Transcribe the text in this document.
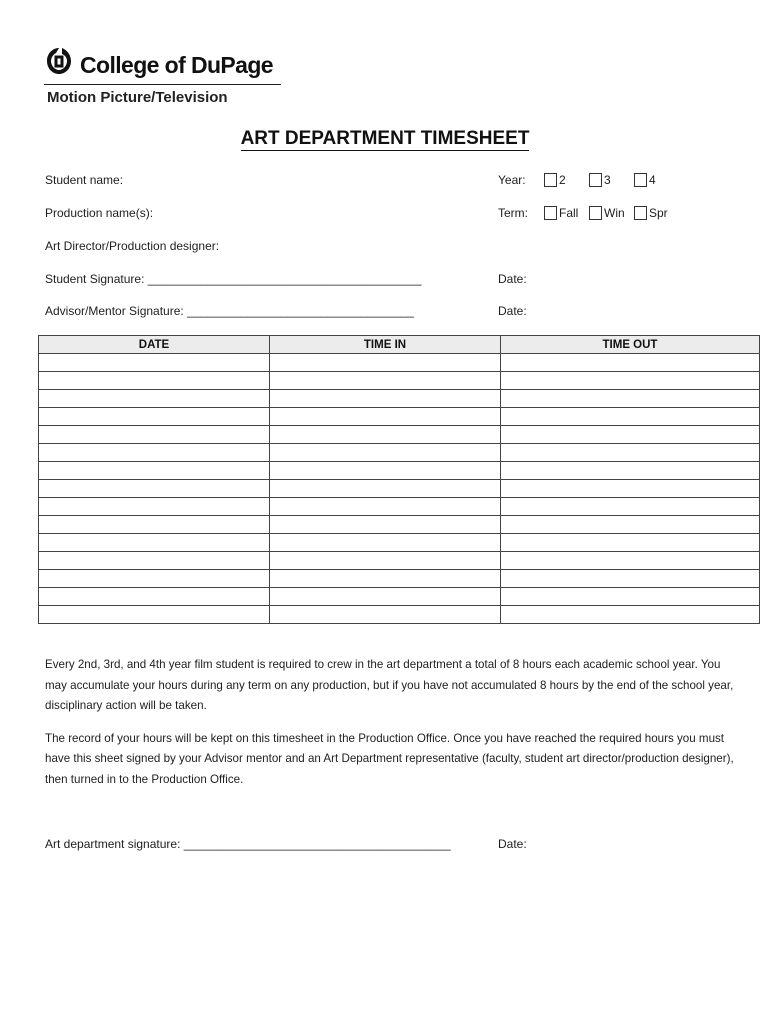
College of DuPage
Motion Picture/Television
ART DEPARTMENT TIMESHEET
Student name:
Production name(s):
Art Director/Production designer:
Student Signature: _________________________________________
Advisor/Mentor Signature: __________________________________
Year:	2	3	4
Term:	Fall	Win	Spr
Date:
Date:
DATE	TIME IN	TIME OUT

Every 2nd, 3rd, and 4th year film student is required to crew in the art department a total of 8 hours each academic school year. You may accumulate your hours during any term on any production, but if you have not accumulated 8 hours by the end of the school year, disciplinary action will be taken.

The record of your hours will be kept on this timesheet in the Production Office. Once you have reached the required hours you must have this sheet signed by your Advisor mentor and an Art Department representative (faculty, student art director/production designer), then turned in to the Production Office.

Art department signature: ________________________________________	Date:
